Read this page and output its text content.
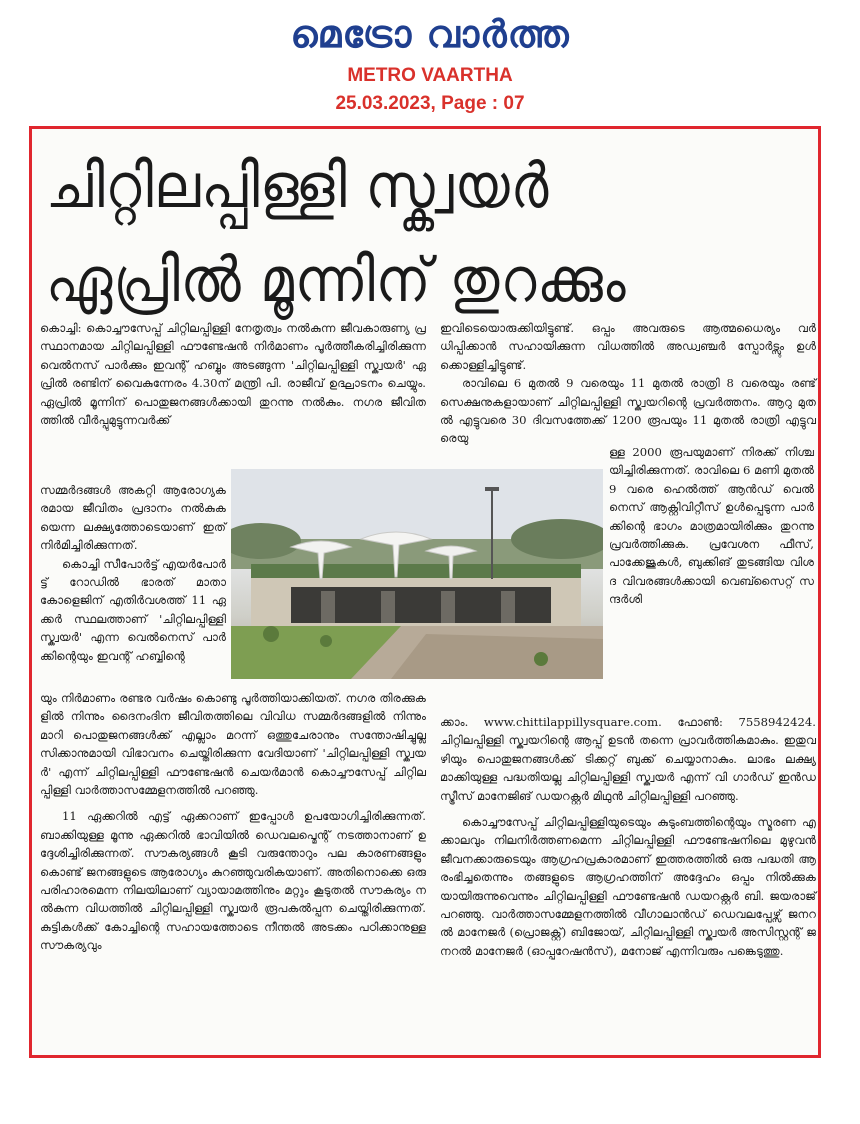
മെട്രോ വാർത്ത
METRO VAARTHA
25.03.2023, Page : 07
ചിറ്റിലപ്പിള്ളി സ്ക്വയർ
ഏപ്രിൽ മൂന്നിന് തുറക്കും

കൊച്ചി: കൊച്ചൗസേപ്പ് ചിറ്റിലപ്പിള്ളി നേതൃത്വം നൽകുന്ന ജീവകാരുണ്യ പ്രസ്ഥാനമായ ചിറ്റിലപ്പിള്ളി ഫൗണ്ടേഷൻ നിർമാണം പൂർത്തീകരിച്ചിരിക്കുന്ന വെൽനസ് പാർക്കും ഇവന്റ് ഹബ്ബും അടങ്ങുന്ന 'ചിറ്റിലപ്പിള്ളി സ്ക്വയർ' ഏപ്രിൽ രണ്ടിന് വൈകുന്നേരം 4.30ന് മന്ത്രി പി. രാജീവ് ഉദ്ഘാടനം ചെയ്യും. ഏപ്രിൽ മൂന്നിന് പൊതുജനങ്ങൾക്കായി തുറന്നു നൽകും. നഗര ജീവിതത്തിൽ വീർപ്പുമുട്ടുന്നവർക്ക്

സമ്മർദങ്ങൾ അകറ്റി ആരോഗ്യകരമായ ജീവിതം പ്രദാനം നൽകുകയെന്ന ലക്ഷ്യത്തോടെയാണ് ഇത് നിർമിച്ചിരിക്കുന്നത്.

കൊച്ചി സീപോർട്ട് എയർപോർട്ട് റോഡിൽ ഭാരത് മാതാ കോളെജിന് എതിർവശത്ത് 11 ഏക്കർ സ്ഥലത്താണ് 'ചിറ്റിലപ്പിള്ളി സ്ക്വയർ' എന്ന വെൽനെസ് പാർക്കിന്റെയും ഇവന്റ് ഹബ്ബിന്റെ

യും നിർമാണം രണ്ടര വർഷം കൊണ്ടു പൂർത്തിയാക്കിയത്. നഗര തിരക്കുകളിൽ നിന്നും ദൈനംദിന ജീവിതത്തിലെ വിവിധ സമ്മർദങ്ങളിൽ നിന്നും മാറി പൊതുജനങ്ങൾക്ക് എല്ലാം മറന്ന് ഒത്തുചേരാനും സന്തോഷിച്ചുല്ലസിക്കാനുമായി വിഭാവനം ചെയ്തിരിക്കുന്ന വേദിയാണ് 'ചിറ്റിലപ്പിള്ളി സ്ക്വയർ' എന്ന് ചിറ്റിലപ്പിള്ളി ഫൗണ്ടേഷൻ ചെയർമാൻ കൊച്ചൗസേപ്പ് ചിറ്റിലപ്പിള്ളി വാർത്താസമ്മേളനത്തിൽ പറഞ്ഞു.

11 ഏക്കറിൽ എട്ട് ഏക്കറാണ് ഇപ്പോൾ ഉപയോഗിച്ചിരിക്കുന്നത്. ബാക്കിയുള്ള മൂന്നു ഏക്കറിൽ ഭാവിയിൽ ഡെവലപ്മെന്റ് നടത്താനാണ് ഉദ്ദേശിച്ചിരിക്കുന്നത്. സൗകര്യങ്ങൾ കൂടി വരുന്തോറും പല കാരണങ്ങളും കൊണ്ട് ജനങ്ങളുടെ ആരോഗ്യം കുറഞ്ഞുവരികയാണ്. അതിനൊക്കെ ഒരു പരിഹാരമെന്ന നിലയിലാണ് വ്യായാമത്തിനും മറ്റും കൂടുതൽ സൗകര്യം നൽകുന്ന വിധത്തിൽ ചിറ്റിലപ്പിള്ളി സ്ക്വയർ രൂപകൽപ്പന ചെയ്തിരിക്കുന്നത്. കുട്ടികൾക്ക് കോച്ചിന്റെ സഹായത്തോടെ നീന്തൽ അടക്കം പഠിക്കാനുള്ള സൗകര്യവും

ഇവിടെയൊരുക്കിയിട്ടുണ്ട്. ഒപ്പം അവരുടെ ആത്മധൈര്യം വർധിപ്പിക്കാൻ സഹായിക്കുന്ന വിധത്തിൽ അഡ്വഞ്ചർ സ്പോർട്സും ഉൾക്കൊള്ളിച്ചിട്ടുണ്ട്.

രാവിലെ 6 മുതൽ 9 വരെയും 11 മുതൽ രാത്രി 8 വരെയും രണ്ട് സെക്ഷനുകളായാണ് ചിറ്റിലപ്പിള്ളി സ്ക്വയറിന്റെ പ്രവർത്തനം. ആറു മുതൽ എട്ടുവരെ 30 ദിവസത്തേക്ക് 1200 രൂപയും 11 മുതൽ രാത്രി എട്ടുവരെയു

ള്ള 2000 രൂപയുമാണ് നിരക്ക് നിശ്ചയിച്ചിരിക്കുന്നത്. രാവിലെ 6 മണി മുതൽ 9 വരെ ഹെൽത്ത് ആൻഡ് വെൽനെസ് ആക്റ്റിവിറ്റീസ് ഉൾപ്പെടുന്ന പാർക്കിന്റെ ഭാഗം മാത്രമായിരിക്കും തുറന്നു പ്രവർത്തിക്കുക. പ്രവേശന ഫീസ്, പാക്കേജുകൾ, ബുക്കിങ് തുടങ്ങിയ വിശദ വിവരങ്ങൾക്കായി വെബ്സൈറ്റ് സന്ദർശി

ക്കാം. www.chittilappillysquare.com. ഫോൺ: 7558942424. ചിറ്റിലപ്പിള്ളി സ്ക്വയറിന്റെ ആപ്പ് ഉടൻ തന്നെ പ്രാവർത്തികമാകും. ഇതുവഴിയും പൊതുജനങ്ങൾക്ക് ടിക്കറ്റ് ബുക്ക് ചെയ്യാനാകും. ലാഭം ലക്ഷ്യമാക്കിയുള്ള പദ്ധതിയല്ല ചിറ്റിലപ്പിള്ളി സ്ക്വയർ എന്ന് വി ഗാർഡ് ഇൻഡസ്ട്രീസ് മാനേജിങ് ഡയറക്റ്റർ മിഥുൻ ചിറ്റിലപ്പിള്ളി പറഞ്ഞു.

കൊച്ചൗസേപ്പ് ചിറ്റിലപ്പിള്ളിയുടെയും കുടുംബത്തിന്റെയും സ്മരണ എക്കാലവും നിലനിർത്തണമെന്ന ചിറ്റിലപ്പിള്ളി ഫൗണ്ടേഷനിലെ മുഴുവൻ ജീവനക്കാരുടെയും ആഗ്രഹപ്രകാരമാണ് ഇത്തരത്തിൽ ഒരു പദ്ധതി ആരംഭിച്ചതെന്നും തങ്ങളുടെ ആഗ്രഹത്തിന് അദ്ദേഹം ഒപ്പം നിൽക്കുകയായിരുന്നുവെന്നും ചിറ്റിലപ്പിള്ളി ഫൗണ്ടേഷൻ ഡയറക്റ്റർ ബി. ജയരാജ് പറഞ്ഞു. വാർത്താസമ്മേളനത്തിൽ വീഗാലാൻഡ് ഡെവലപ്പേഴ്സ് ജനറൽ മാനേജർ (പ്രൊജക്റ്റ്) ബിജോയ്, ചിറ്റിലപ്പിള്ളി സ്ക്വയർ അസിസ്റ്റന്റ് ജനറൽ മാനേജർ (ഓപ്പറേഷൻസ്), മനോജ് എന്നിവരും പങ്കെടുത്തു.
